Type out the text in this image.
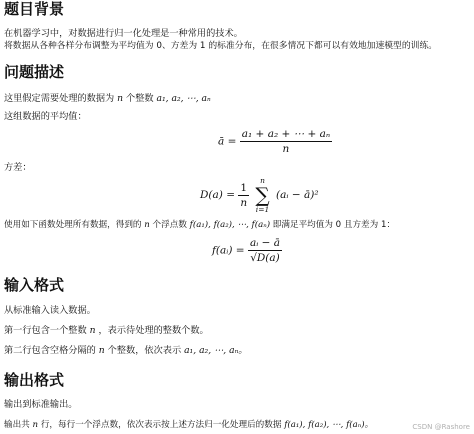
题目背景
在机器学习中，对数据进行归一化处理是一种常用的技术。
将数据从各种各样分布调整为平均值为 0、方差为 1 的标准分布，在很多情况下都可以有效地加速模型的训练。
问题描述
这里假定需要处理的数据为 n 个整数 a₁, a₂, ⋯, aₙ
这组数据的平均值：
ā = $\frac{\text{a₁ + a₂ + ⋯ + aₙ}}{n}$
方差：
$D(a) = \frac{1}{n}$

n
∑
i=1
(aᵢ − ā)²
使用如下函数处理所有数据，得到的 n 个浮点数 f(a₁), f(a₂), ⋯, f(aₙ) 即满足平均值为 0 且方差为 1：
f(aᵢ) = $\frac{\text{aᵢ − ā}}{√D(a)}$
输入格式
从标准输入读入数据。
第一行包含一个整数 n ，表示待处理的整数个数。
第二行包含空格分隔的 n 个整数，依次表示 a₁, a₂, ⋯, aₙ。
输出格式
输出到标准输出。
输出共 n 行，每行一个浮点数，依次表示按上述方法归一化处理后的数据 f(a₁), f(a₂), ⋯, f(aₙ)。	CSDN @Rashore
